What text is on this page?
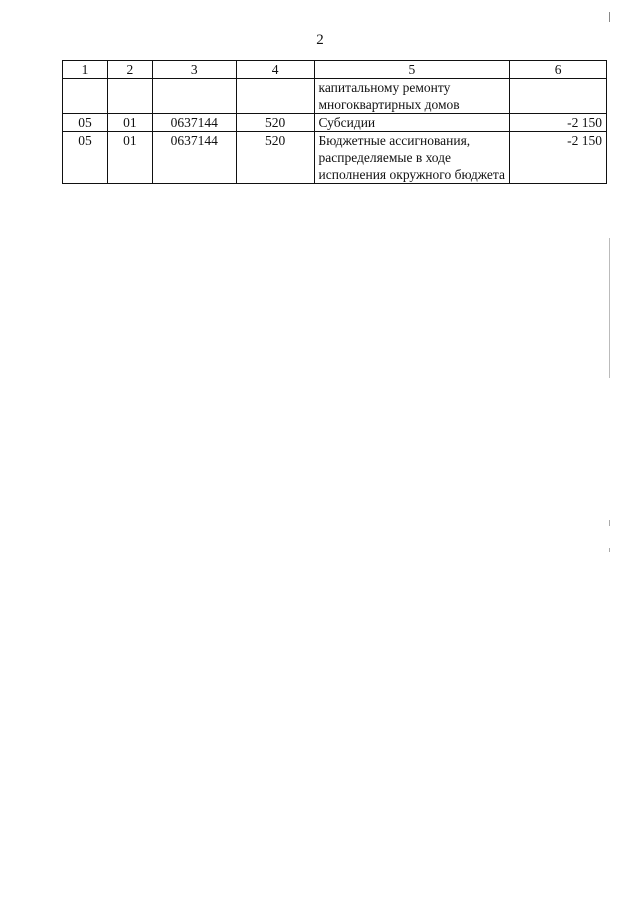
2
1	2	3	4	5	6
				капитальному ремонту многоквартирных домов	
05	01	0637144	520	Субсидии	-2 150
05	01	0637144	520	Бюджетные ассигнования, распределяемые в ходе исполнения окружного бюджета	-2 150
